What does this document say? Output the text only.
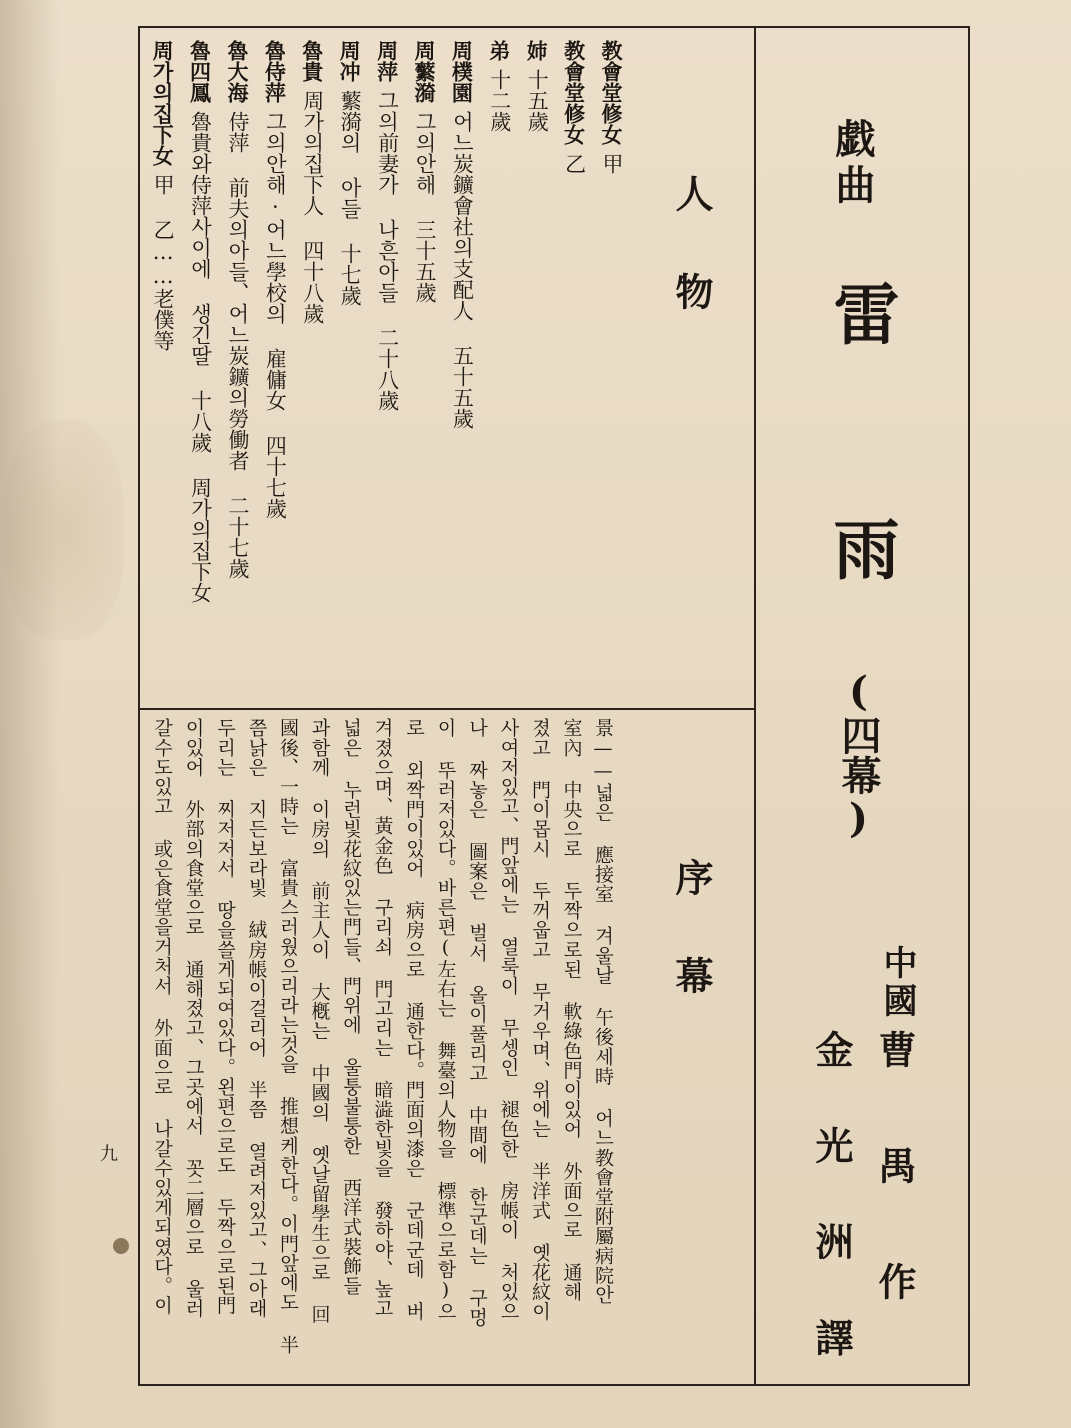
戯曲
雷
雨
(四幕)
中國
曹禺作
金光洲譯
人物
序幕
教會堂修女
甲
教會堂修女
乙
姉
十五歲
弟
十二歲
周樸園
어느炭鑛會社의支配人 五十五歲
周蘩漪
그의안해 三十五歲
周萍
그의前妻가 나흔아들 二十八歲
周冲
蘩漪의 아들 十七歲
魯貴
周가의집下人 四十八歲
魯侍萍
그의안해·어느學校의 雇傭女 四十七歲
魯大海
侍萍 前夫의아들、어느炭鑛의勞働者 二十七歲
魯四鳳
魯貴와侍萍사이에 생긴딸 十八歲 周가의집下女
周가의집下女
甲 乙……老僕等
景——넓은 應接室 겨울날 午後세時 어느教會堂附屬病院안
室內 中央으로 두짝으로된 軟綠色門이있어 外面으로 通해
졌고 門이몹시 두꺼웁고 무거우며、위에는 半洋式 옛花紋이
사여저있고、門앞에는 열룩이 무셍인 褪色한 房帳이 처있으
나 짜놓은 圖案은 벌서 올이풀리고 中間에 한군데는 구멍
이 뚜러저있다。바른편(左右는 舞臺의人物을 標準으로함)으
로 외짝門이있어 病房으로 通한다。門面의漆은 군데군데 버
겨졌으며、黃金色 구리쇠 門고리는 暗澁한빛을 發하야、높고
넓은 누런빛花紋있는門들、門위에 울퉁불퉁한 西洋式裝飾들
과함께 이房의 前主人이 大槪는 中國의 옛날留學生으로 回
國後、一時는 富貴스러웠으리라는것을 推想케한다。이門앞에도 半
쯤낡은 지든보라빛 絨房帳이걸리어 半쯤 열려저있고、그아래
두리는 찌저저서 땅을쓸게되여있다。왼편으로도 두짝으로된門
이있어 外部의食堂으로 通해졌고、그곳에서 꼿二層으로 울러
갈수도있고 或은食堂을거처서 外面으로 나갈수있게되였다。이
九
